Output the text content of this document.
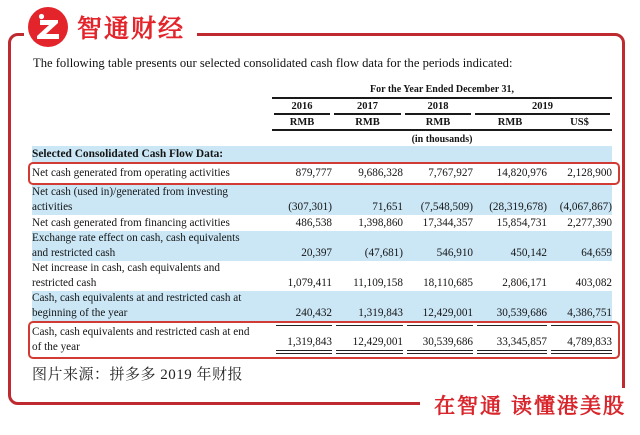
智通财经
The following table presents our selected consolidated cash flow data for the periods indicated:
For the Year Ended December 31,
2016	2017	2018	2019
RMB	RMB	RMB	RMB	US$
(in thousands)
Selected Consolidated Cash Flow Data:
Net cash generated from operating activities	879,777	9,686,328	7,767,927	14,820,976	2,128,900
Net cash (used in)/generated from investing
activities	(307,301)	71,651	(7,548,509)	(28,319,678)	(4,067,867)
Net cash generated from financing activities	486,538	1,398,860	17,344,357	15,854,731	2,277,390
Exchange rate effect on cash, cash equivalents
and restricted cash	20,397	(47,681)	546,910	450,142	64,659
Net increase in cash, cash equivalents and
restricted cash	1,079,411	11,109,158	18,110,685	2,806,171	403,082
Cash, cash equivalents at and restricted cash at
beginning of the year	240,432	1,319,843	12,429,001	30,539,686	4,386,751
Cash, cash equivalents and restricted cash at end
of the year	1,319,843	12,429,001	30,539,686	33,345,857	4,789,833
图片来源：拼多多 2019 年财报
在智通 读懂港美股
